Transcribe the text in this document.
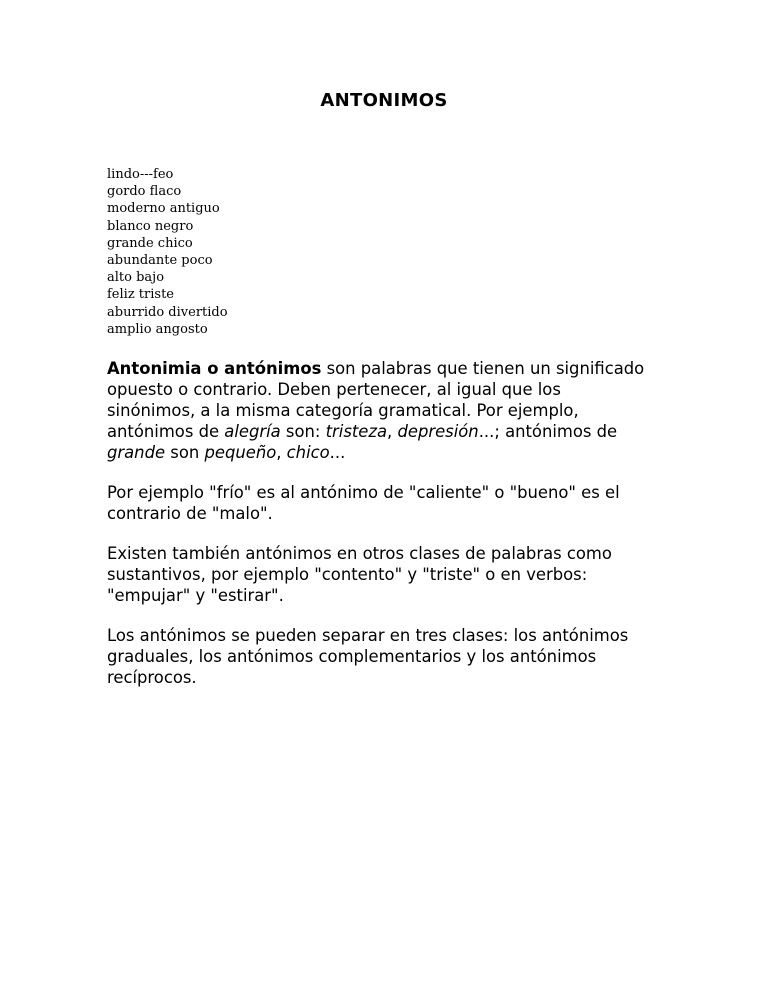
ANTONIMOS
lindo---feo
gordo flaco
moderno antiguo
blanco negro
grande chico
abundante poco
alto bajo
feliz triste
aburrido divertido
amplio angosto

Antonimia o antónimos son palabras que tienen un significado
opuesto o contrario. Deben pertenecer, al igual que los
sinónimos, a la misma categoría gramatical. Por ejemplo,
antónimos de alegría son: tristeza, depresión...; antónimos de
grande son pequeño, chico...

Por ejemplo "frío" es al antónimo de "caliente" o "bueno" es el
contrario de "malo".

Existen también antónimos en otros clases de palabras como
sustantivos, por ejemplo "contento" y "triste" o en verbos:
"empujar" y "estirar".

Los antónimos se pueden separar en tres clases: los antónimos
graduales, los antónimos complementarios y los antónimos
recíprocos.
